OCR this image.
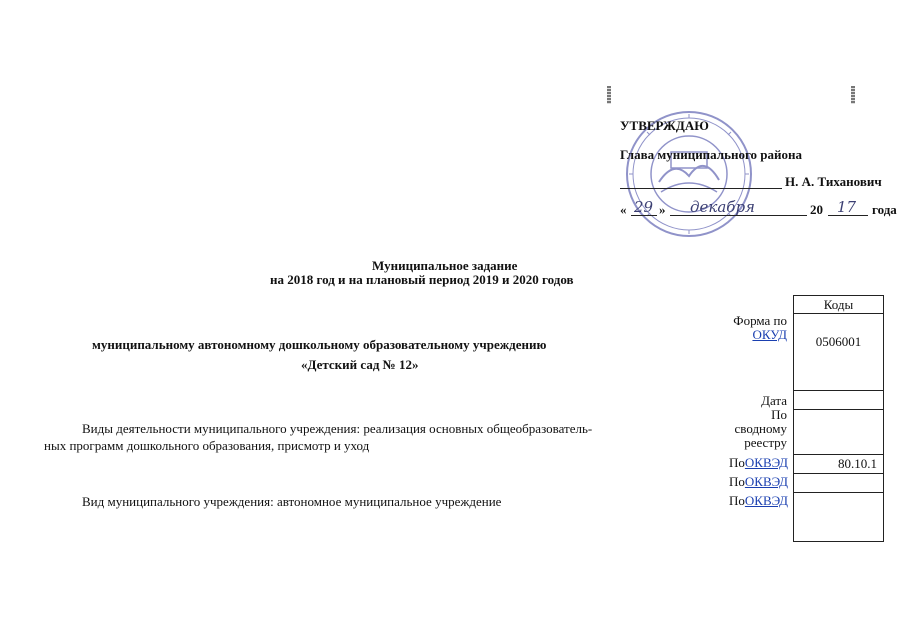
УТВЕРЖДАЮ
Глава муниципального района
Н. А. Тиханович
« 29 » декабря	20 17 года
Муниципальное задание
на 2018 год и на плановый период 2019 и 2020 годов
муниципальному автономному дошкольному образовательному учреждению
«Детский сад № 12»
Виды деятельности муниципального учреждения: реализация основных общеобразователь-
ных программ дошкольного образования, присмотр и уход
Вид муниципального учреждения: автономное муниципальное учреждение
Коды
0506001
80.10.1
Форма по
ОКУД
Дата
По
сводному
реестру
ПоОКВЭД
ПоОКВЭД
ПоОКВЭД
